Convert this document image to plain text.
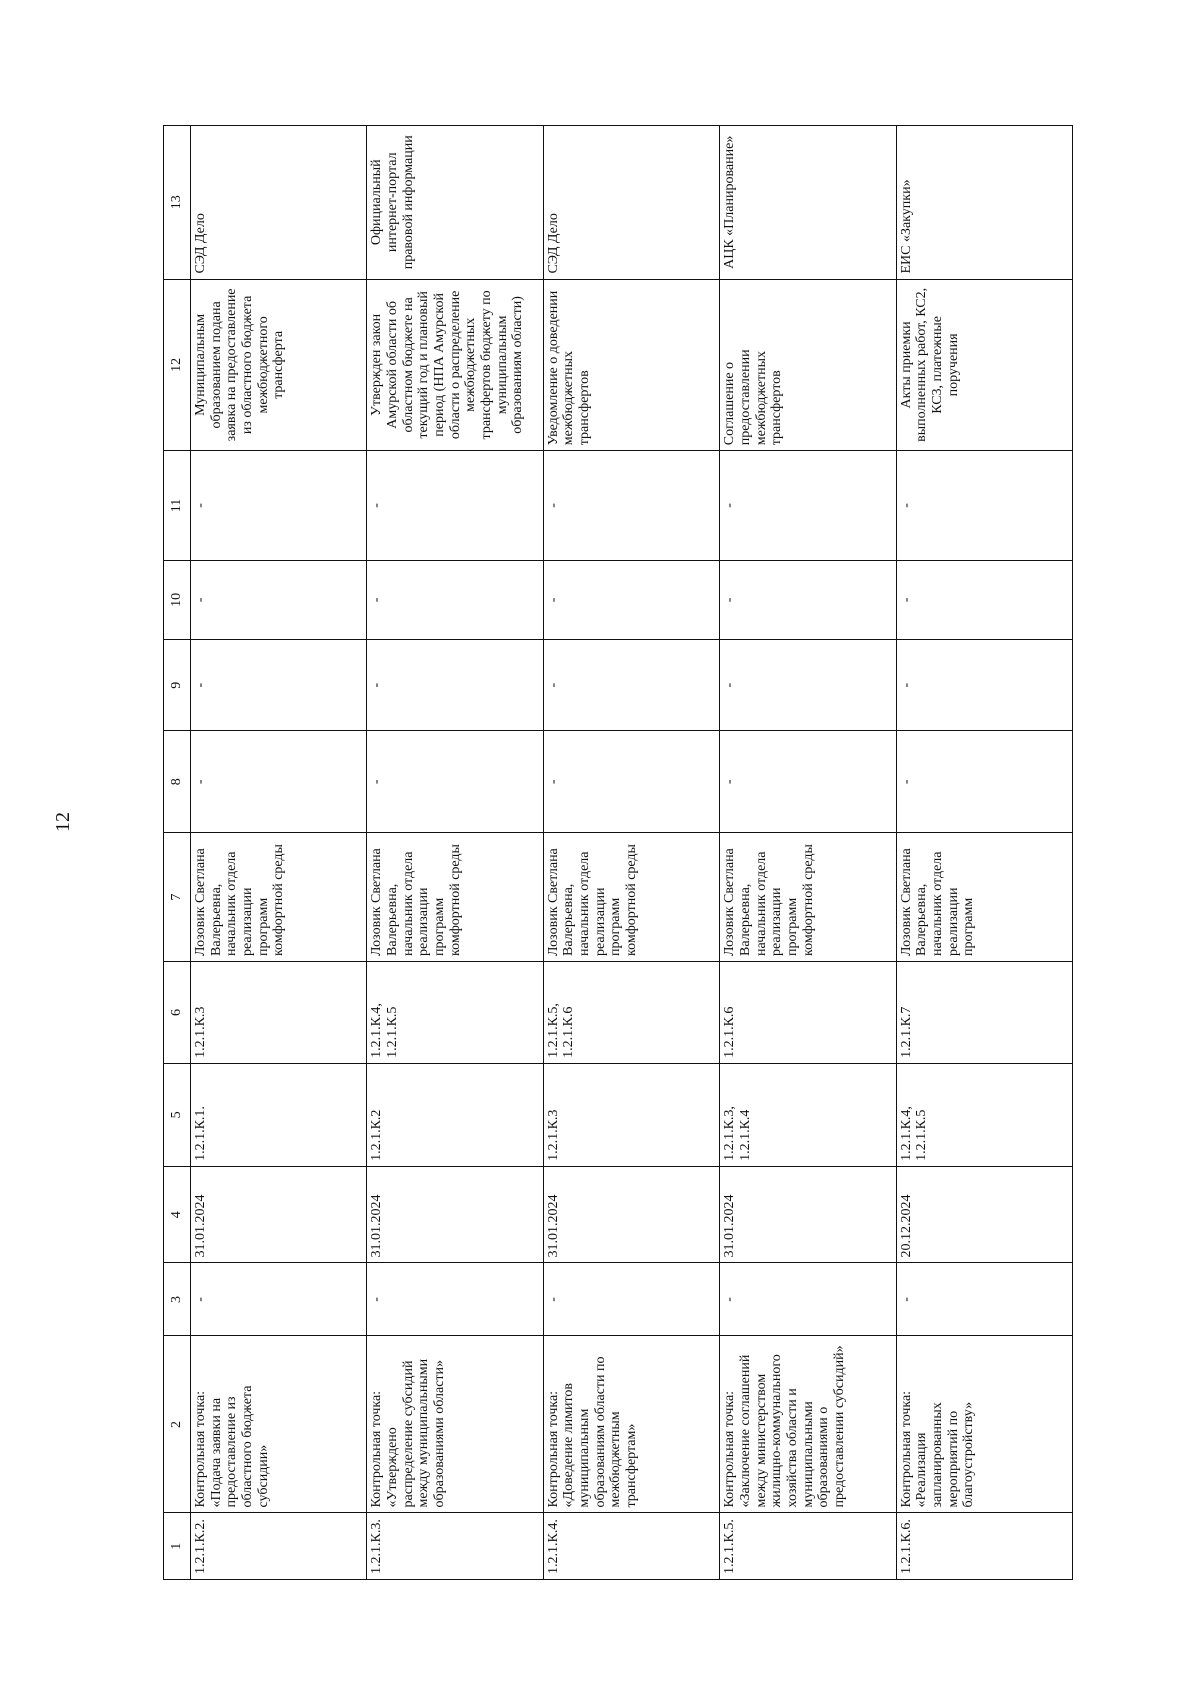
12
1	2	3	4	5	6	7	8	9	10	11	12	13
1.2.1.К.2.	Контрольная точка: «Подача заявки на предоставление из областного бюджета субсидии»	-	31.01.2024	1.2.1.К.1.	1.2.1.К.3	Лозовик Светлана Валерьевна, начальник отдела реализации программ комфортной среды	-	-	-	-	Муниципальным образованием подана заявка на предоставление из областного бюджета межбюджетного трансферта	СЭД Дело
1.2.1.К.3.	Контрольная точка: «Утверждено распределение субсидий между муниципальными образованиями области»	-	31.01.2024	1.2.1.К.2	1.2.1.К.4, 1.2.1.К.5	Лозовик Светлана Валерьевна, начальник отдела реализации программ комфортной среды	-	-	-	-	Утвержден закон Амурской области об областном бюджете на текущий год и плановый период (НПА Амурской области о распределение межбюджетных трансфертов бюджету по муниципальным образованиям области)	Официальный интернет-портал правовой информации
1.2.1.К.4.	Контрольная точка: «Доведение лимитов муниципальным образованиям области по межбюджетным трансфертам»	-	31.01.2024	1.2.1.К.3	1.2.1.К.5, 1.2.1.К.6	Лозовик Светлана Валерьевна, начальник отдела реализации программ комфортной среды	-	-	-	-	Уведомление о доведении межбюджетных трансфертов	СЭД Дело
1.2.1.К.5.	Контрольная точка: «Заключение соглашений между министерством жилищно-коммунального хозяйства области и муниципальными образованиями о предоставлении субсидий»	-	31.01.2024	1.2.1.К.3, 1.2.1.К.4	1.2.1.К.6	Лозовик Светлана Валерьевна, начальник отдела реализации программ комфортной среды	-	-	-	-	Соглашение о предоставлении межбюджетных трансфертов	АЦК «Планирование»
1.2.1.К.6.	Контрольная точка: «Реализация запланированных мероприятий по благоустройству»	-	20.12.2024	1.2.1.К.4, 1.2.1.К.5	1.2.1.К.7	Лозовик Светлана Валерьевна, начальник отдела реализации программ	-	-	-	-	Акты приемки выполненных работ, КС2, КС3, платежные поручения	ЕИС «Закупки»
